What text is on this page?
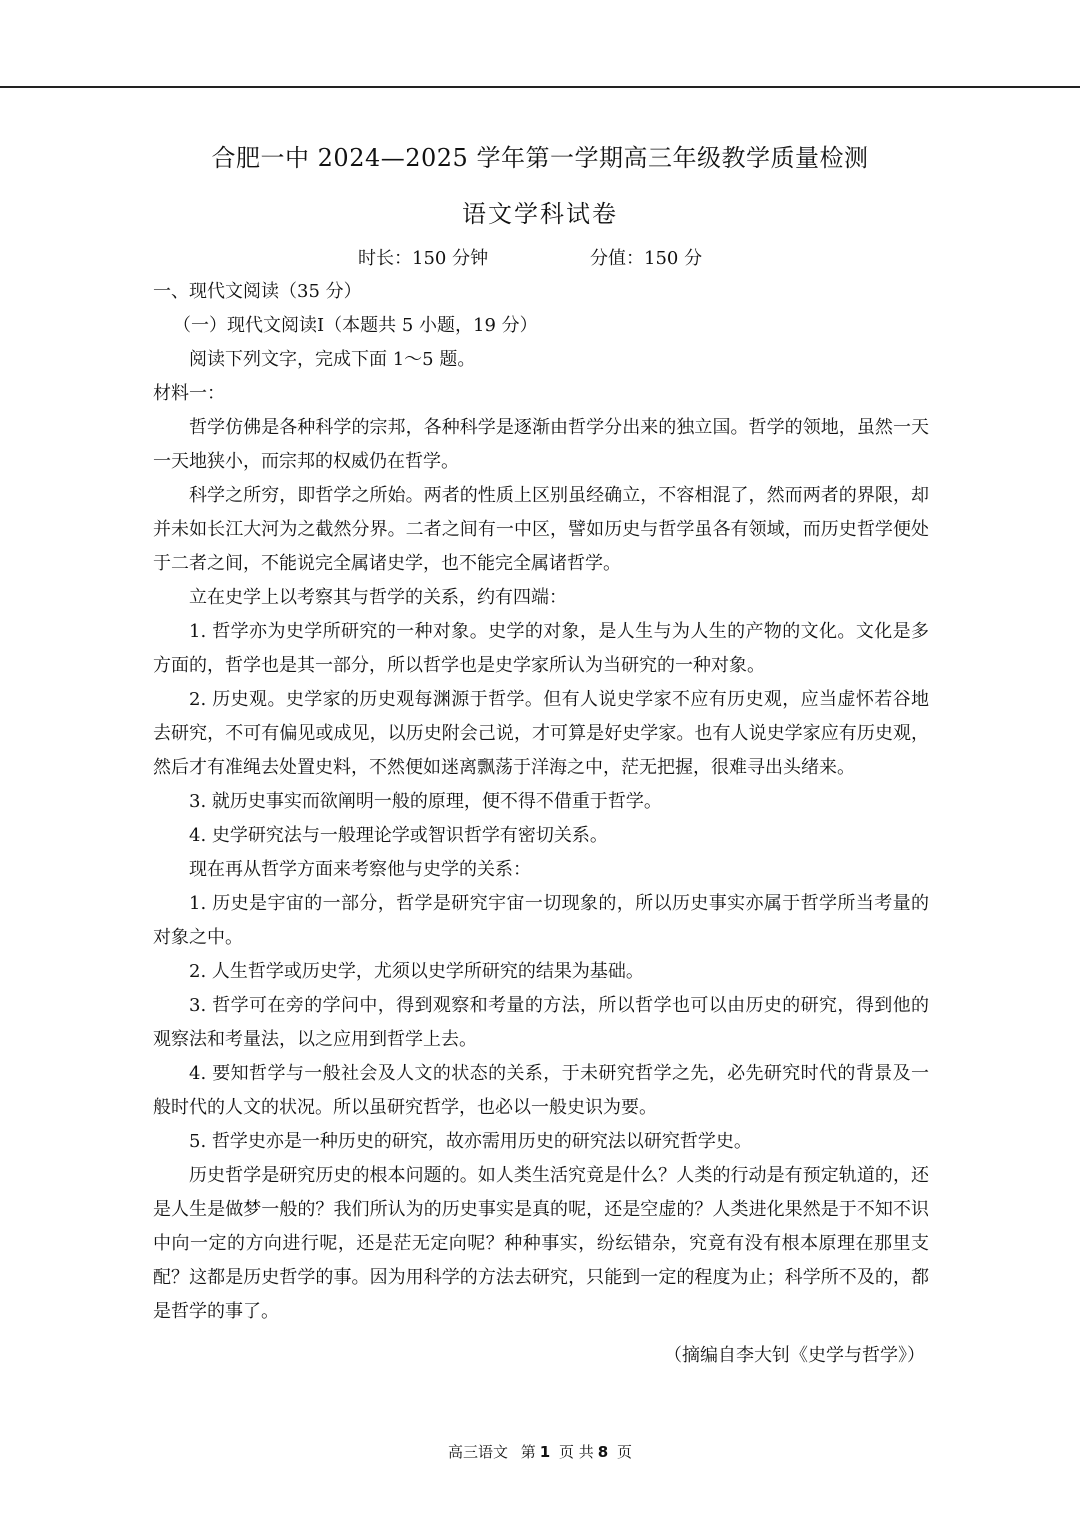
合肥一中 2024—2025 学年第一学期高三年级教学质量检测
语文学科试卷
时长：150 分钟	分值：150 分

一、现代文阅读（35 分）

（一）现代文阅读Ⅰ（本题共 5 小题，19 分）

阅读下列文字，完成下面 1～5 题。

材料一：

哲学仿佛是各种科学的宗邦，各种科学是逐渐由哲学分出来的独立国。哲学的领地，虽然一天一天地狭小，而宗邦的权威仍在哲学。

科学之所穷，即哲学之所始。两者的性质上区别虽经确立，不容相混了，然而两者的界限，却并未如长江大河为之截然分界。二者之间有一中区，譬如历史与哲学虽各有领域，而历史哲学便处于二者之间，不能说完全属诸史学，也不能完全属诸哲学。

立在史学上以考察其与哲学的关系，约有四端：

1. 哲学亦为史学所研究的一种对象。史学的对象，是人生与为人生的产物的文化。文化是多方面的，哲学也是其一部分，所以哲学也是史学家所认为当研究的一种对象。

2. 历史观。史学家的历史观每渊源于哲学。但有人说史学家不应有历史观，应当虚怀若谷地去研究，不可有偏见或成见，以历史附会己说，才可算是好史学家。也有人说史学家应有历史观，然后才有准绳去处置史料，不然便如迷离飘荡于洋海之中，茫无把握，很难寻出头绪来。

3. 就历史事实而欲阐明一般的原理，便不得不借重于哲学。

4. 史学研究法与一般理论学或智识哲学有密切关系。

现在再从哲学方面来考察他与史学的关系：

1. 历史是宇宙的一部分，哲学是研究宇宙一切现象的，所以历史事实亦属于哲学所当考量的对象之中。

2. 人生哲学或历史学，尤须以史学所研究的结果为基础。

3. 哲学可在旁的学问中，得到观察和考量的方法，所以哲学也可以由历史的研究，得到他的观察法和考量法，以之应用到哲学上去。

4. 要知哲学与一般社会及人文的状态的关系，于未研究哲学之先，必先研究时代的背景及一般时代的人文的状况。所以虽研究哲学，也必以一般史识为要。

5. 哲学史亦是一种历史的研究，故亦需用历史的研究法以研究哲学史。

历史哲学是研究历史的根本问题的。如人类生活究竟是什么？人类的行动是有预定轨道的，还是人生是做梦一般的？我们所认为的历史事实是真的呢，还是空虚的？人类进化果然是于不知不识中向一定的方向进行呢，还是茫无定向呢？种种事实，纷纭错杂，究竟有没有根本原理在那里支配？这都是历史哲学的事。因为用科学的方法去研究，只能到一定的程度为止；科学所不及的，都是哲学的事了。

（摘编自李大钊《史学与哲学》）

高三语文 第 1 页 共 8 页
